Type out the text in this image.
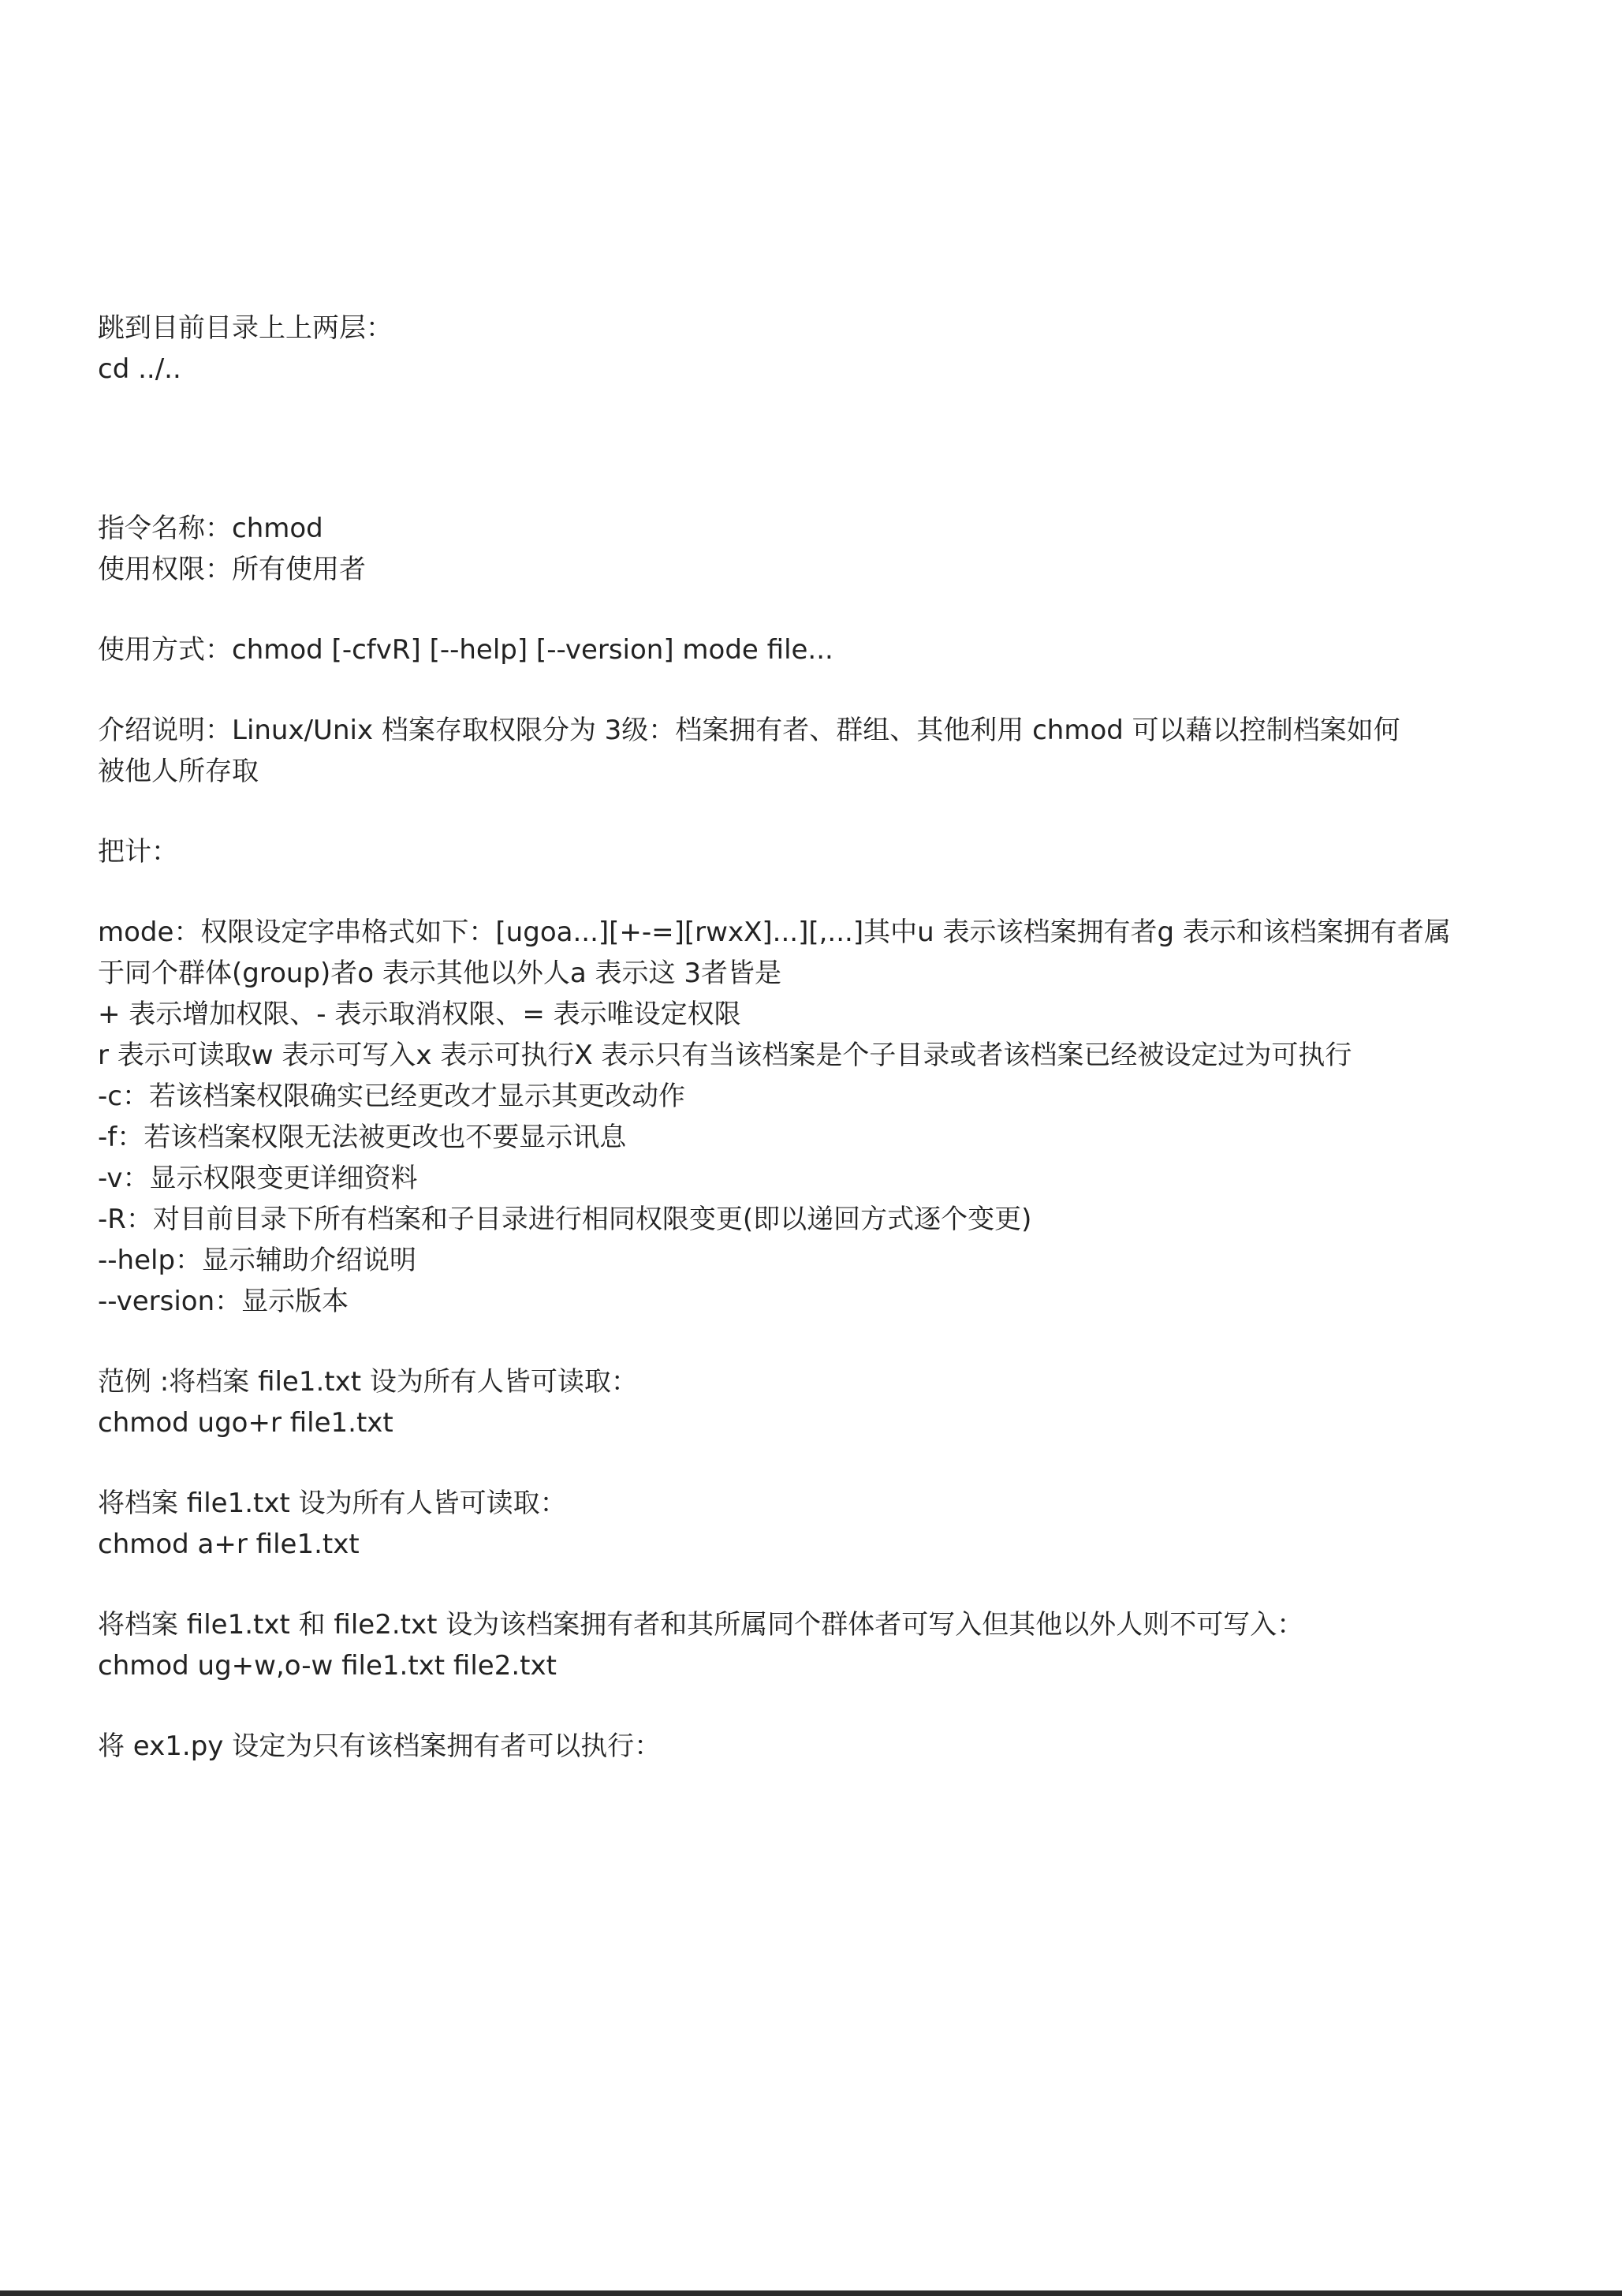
跳到目前目录上上两层：
cd ../..
指令名称：chmod
使用权限：所有使用者
使用方式：chmod [-cfvR] [--help] [--version] mode file...
介绍说明：Linux/Unix 档案存取权限分为 3级：档案拥有者、群组、其他利用 chmod 可以藉以控制档案如何
被他人所存取
把计：
mode：权限设定字串格式如下：[ugoa...][+-=][rwxX]...][,...]其中u 表示该档案拥有者g 表示和该档案拥有者属
于同个群体(group)者o 表示其他以外人a 表示这 3者皆是
+ 表示增加权限、- 表示取消权限、= 表示唯设定权限
r 表示可读取w 表示可写入x 表示可执行X 表示只有当该档案是个子目录或者该档案已经被设定过为可执行
-c：若该档案权限确实已经更改才显示其更改动作
-f：若该档案权限无法被更改也不要显示讯息
-v：显示权限变更详细资料
-R：对目前目录下所有档案和子目录进行相同权限变更(即以递回方式逐个变更)
--help：显示辅助介绍说明
--version：显示版本
范例 :将档案 file1.txt 设为所有人皆可读取：
chmod ugo+r file1.txt
将档案 file1.txt 设为所有人皆可读取：
chmod a+r file1.txt
将档案 file1.txt 和 file2.txt 设为该档案拥有者和其所属同个群体者可写入但其他以外人则不可写入：
chmod ug+w,o-w file1.txt file2.txt
将 ex1.py 设定为只有该档案拥有者可以执行：
